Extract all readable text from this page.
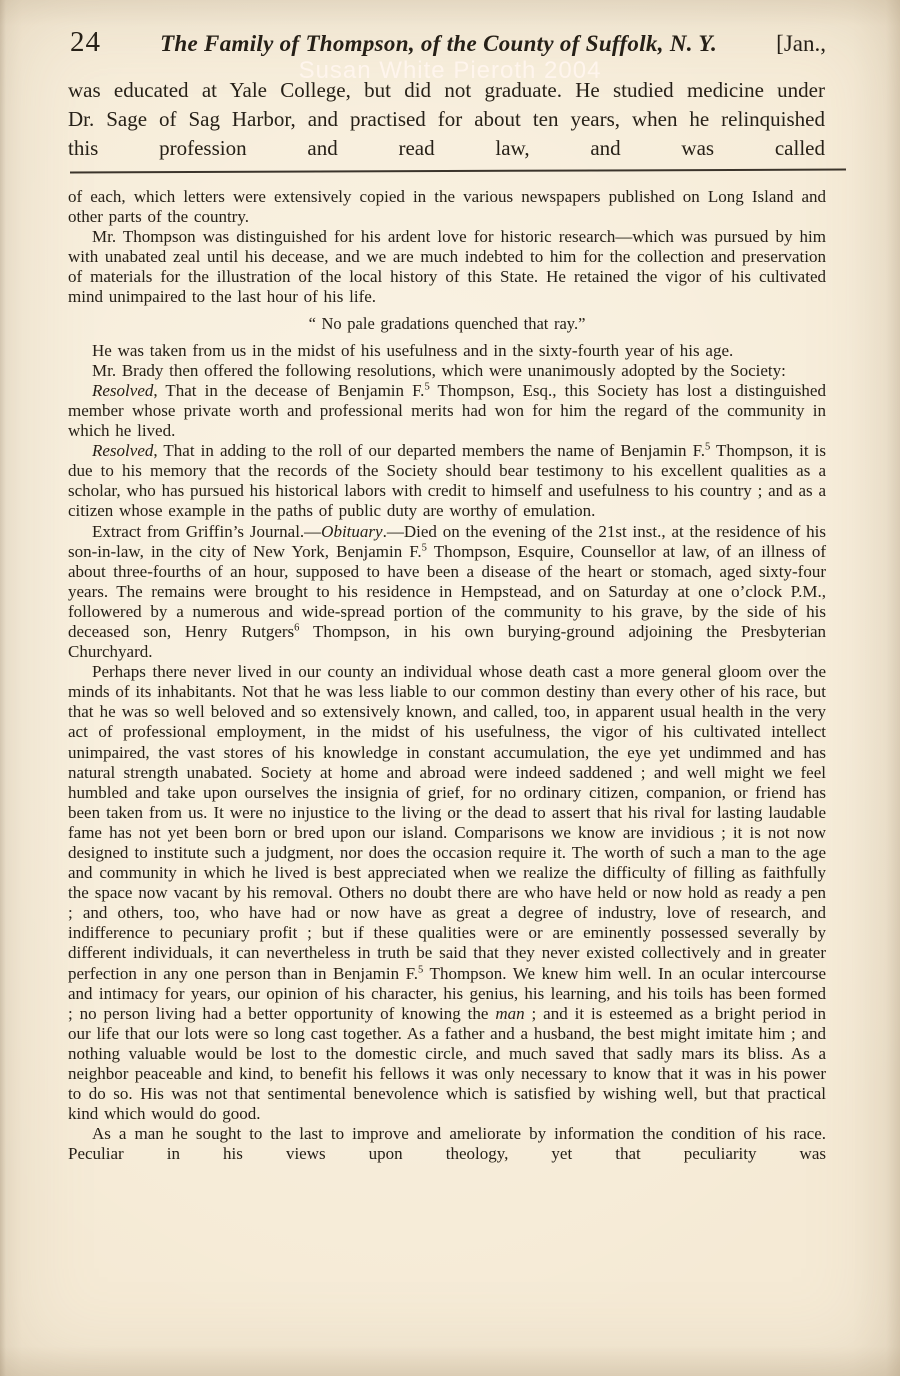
24	The Family of Thompson, of the County of Suffolk, N. Y.	[Jan.,
Susan White Pieroth 2004
was educated at Yale College, but did not graduate. He studied medicine under Dr. Sage of Sag Harbor, and practised for about ten years, when he relinquished this profession and read law, and was called

of each, which letters were extensively copied in the various newspapers published on Long Island and other parts of the country.

Mr. Thompson was distinguished for his ardent love for historic research—which was pursued by him with unabated zeal until his decease, and we are much indebted to him for the collection and preservation of materials for the illustration of the local history of this State. He retained the vigor of his cultivated mind unimpaired to the last hour of his life.

“ No pale gradations quenched that ray.”

He was taken from us in the midst of his usefulness and in the sixty-fourth year of his age.

Mr. Brady then offered the following resolutions, which were unanimously adopted by the Society:

Resolved, That in the decease of Benjamin F.$^5$ Thompson, Esq., this Society has lost a distinguished member whose private worth and professional merits had won for him the regard of the community in which he lived.

Resolved, That in adding to the roll of our departed members the name of Benjamin F.$^5$ Thompson, it is due to his memory that the records of the Society should bear testimony to his excellent qualities as a scholar, who has pursued his historical labors with credit to himself and usefulness to his country ; and as a citizen whose example in the paths of public duty are worthy of emulation.

Extract from Griffin’s Journal.—Obituary.—Died on the evening of the 21st inst., at the residence of his son-in-law, in the city of New York, Benjamin F.$^5$ Thompson, Esquire, Counsellor at law, of an illness of about three-fourths of an hour, supposed to have been a disease of the heart or stomach, aged sixty-four years. The remains were brought to his residence in Hempstead, and on Saturday at one o’clock P.M., followered by a numerous and wide-spread portion of the community to his grave, by the side of his deceased son, Henry Rutgers$^6$ Thompson, in his own burying-ground adjoining the Presbyterian Churchyard.

Perhaps there never lived in our county an individual whose death cast a more general gloom over the minds of its inhabitants. Not that he was less liable to our common destiny than every other of his race, but that he was so well beloved and so extensively known, and called, too, in apparent usual health in the very act of professional employment, in the midst of his usefulness, the vigor of his cultivated intellect unimpaired, the vast stores of his knowledge in constant accumulation, the eye yet undimmed and has natural strength unabated. Society at home and abroad were indeed saddened ; and well might we feel humbled and take upon ourselves the insignia of grief, for no ordinary citizen, companion, or friend has been taken from us. It were no injustice to the living or the dead to assert that his rival for lasting laudable fame has not yet been born or bred upon our island. Comparisons we know are invidious ; it is not now designed to institute such a judgment, nor does the occasion require it. The worth of such a man to the age and community in which he lived is best appreciated when we realize the difficulty of filling as faithfully the space now vacant by his removal. Others no doubt there are who have held or now hold as ready a pen ; and others, too, who have had or now have as great a degree of industry, love of research, and indifference to pecuniary profit ; but if these qualities were or are eminently possessed severally by different individuals, it can nevertheless in truth be said that they never existed collectively and in greater perfection in any one person than in Benjamin F.$^5$ Thompson. We knew him well. In an ocular intercourse and intimacy for years, our opinion of his character, his genius, his learning, and his toils has been formed ; no person living had a better opportunity of knowing the man ; and it is esteemed as a bright period in our life that our lots were so long cast together. As a father and a husband, the best might imitate him ; and nothing valuable would be lost to the domestic circle, and much saved that sadly mars its bliss. As a neighbor peaceable and kind, to benefit his fellows it was only necessary to know that it was in his power to do so. His was not that sentimental benevolence which is satisfied by wishing well, but that practical kind which would do good.

As a man he sought to the last to improve and ameliorate by information the condition of his race. Peculiar in his views upon theology, yet that peculiarity was
